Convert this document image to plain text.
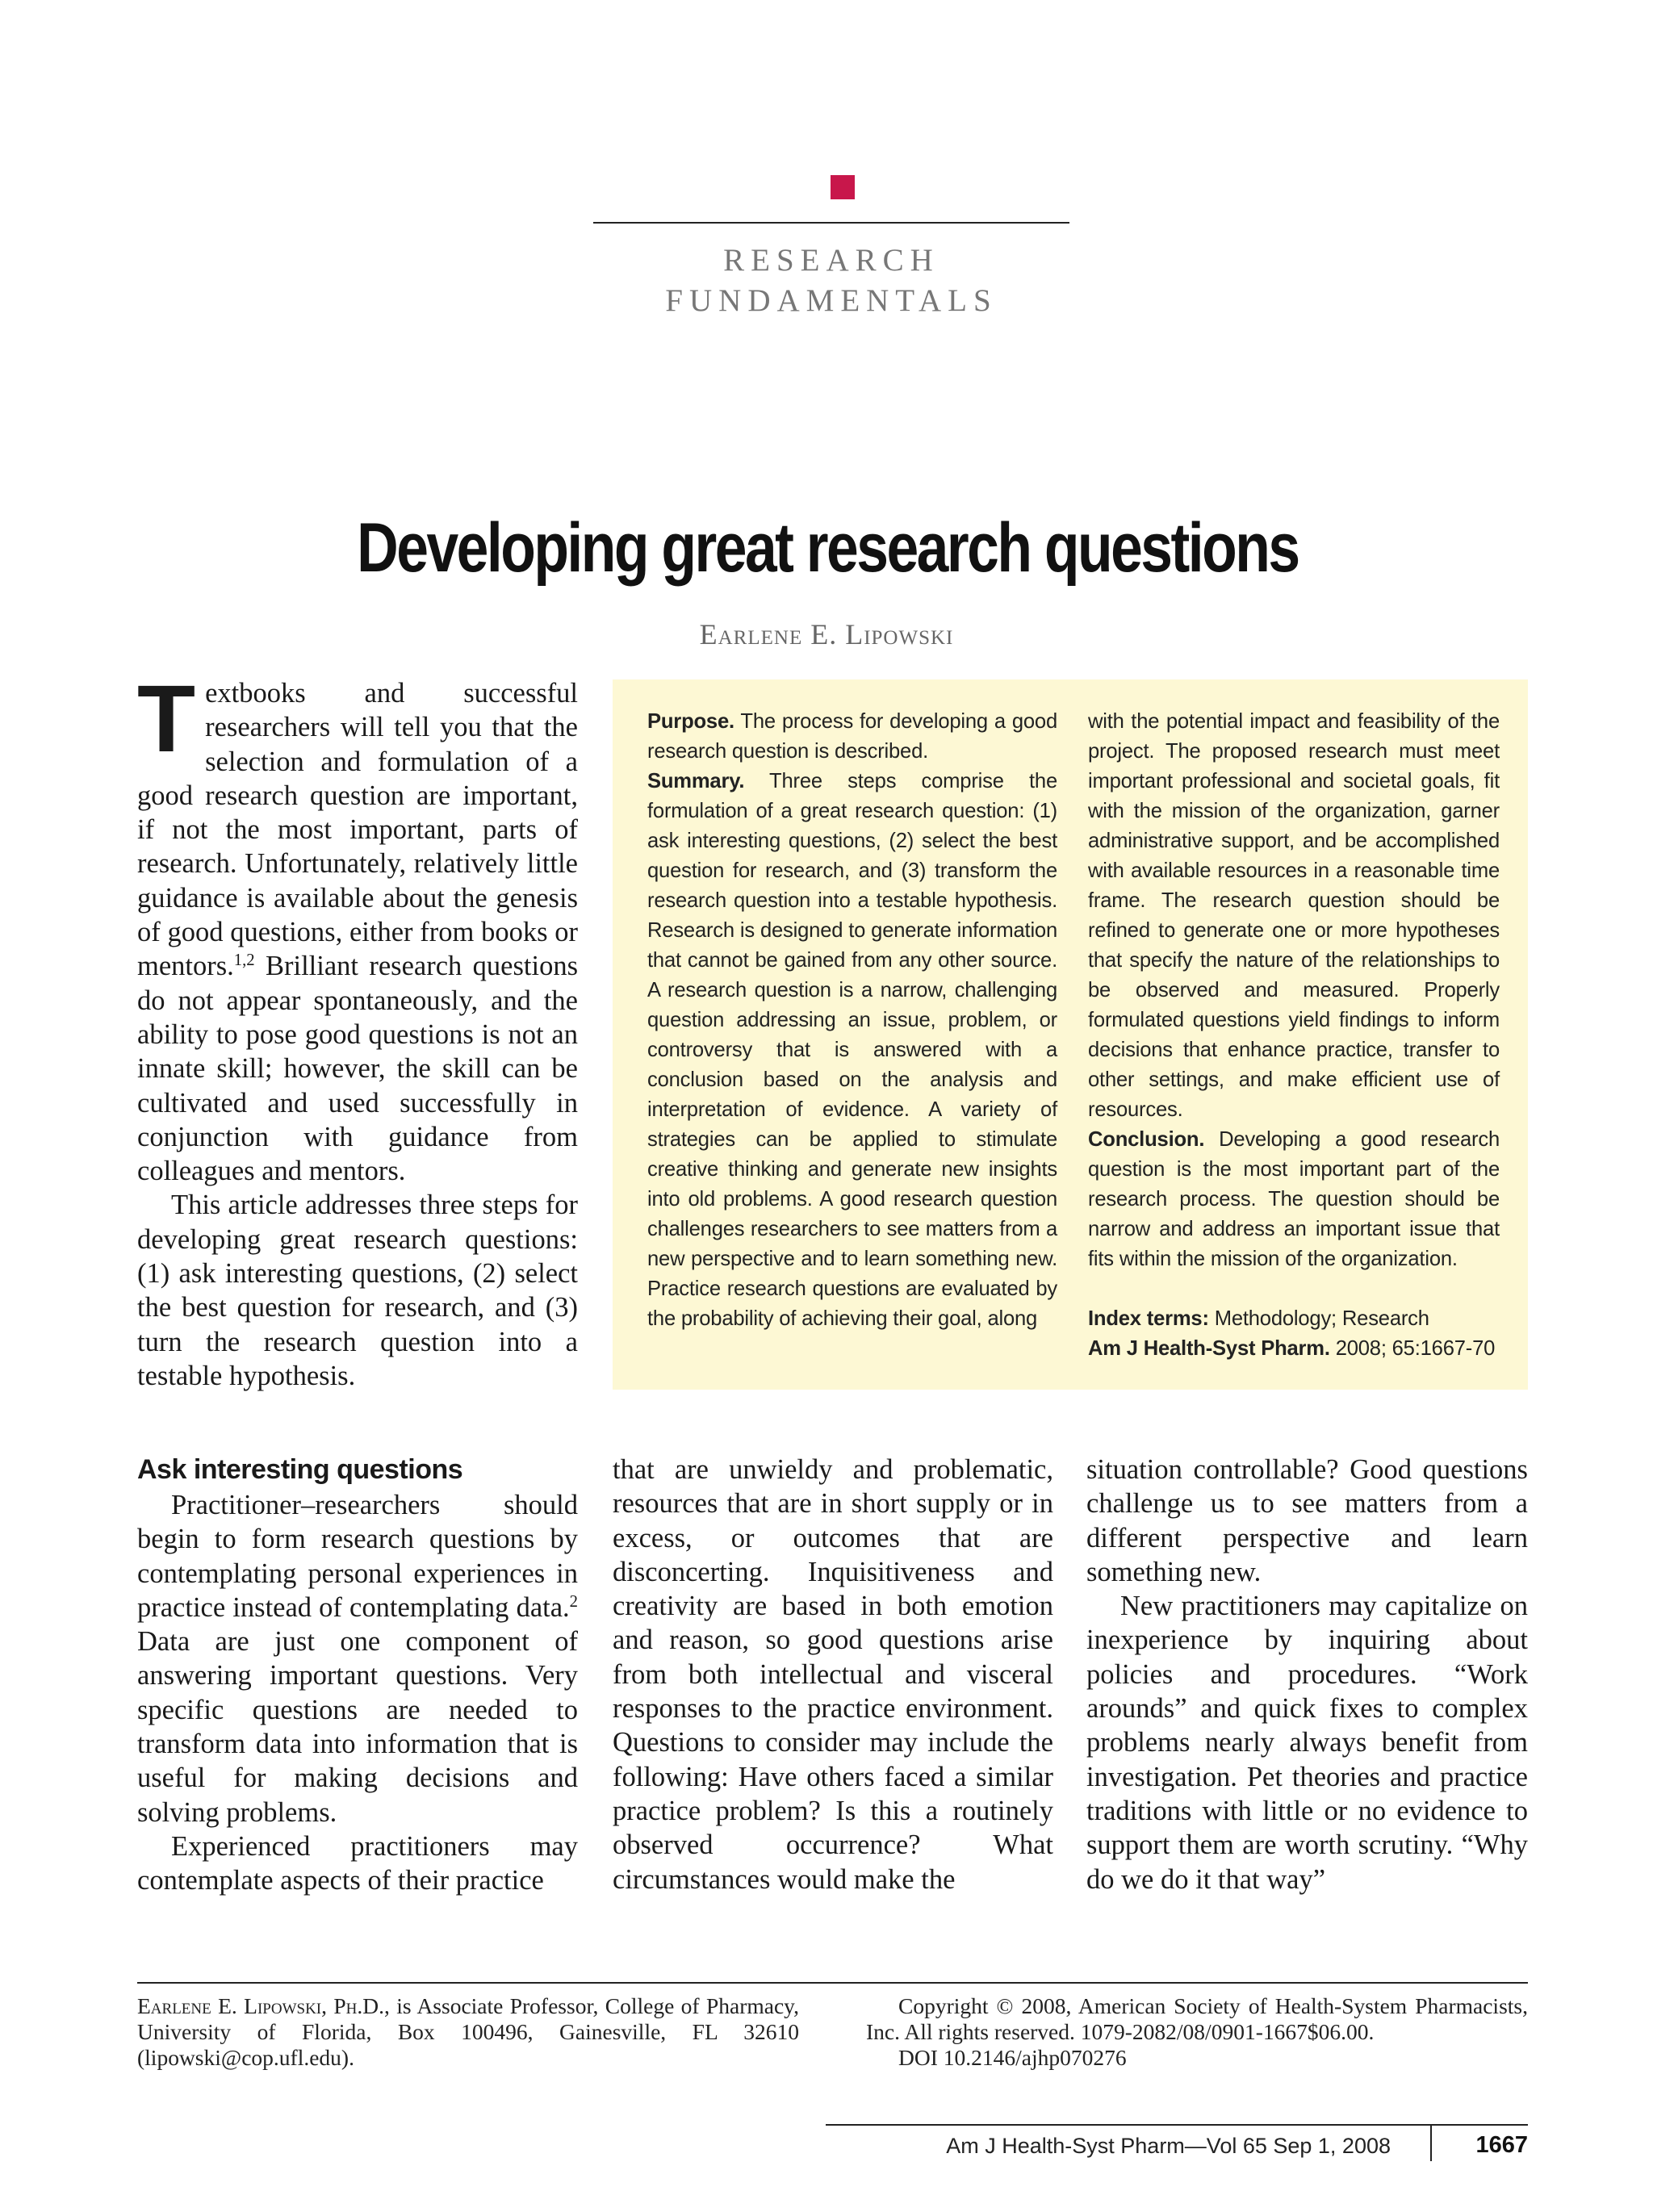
RESEARCH
FUNDAMENTALS
Developing great research questions
Earlene E. Lipowski

Textbooks and successful researchers will tell you that the selection and formulation of a good research question are important, if not the most important, parts of research. Unfortunately, relatively little guidance is available about the genesis of good questions, either from books or mentors.$^{1,2}$ Brilliant research questions do not appear spontaneously, and the ability to pose good questions is not an innate skill; however, the skill can be cultivated and used successfully in conjunction with guidance from colleagues and mentors.

This article addresses three steps for developing great research questions: (1) ask interesting questions, (2) select the best question for research, and (3) turn the research question into a testable hypothesis.

Purpose. The process for developing a good research question is described.

Summary. Three steps comprise the formulation of a great research question: (1) ask interesting questions, (2) select the best question for research, and (3) transform the research question into a testable hypothesis. Research is designed to generate information that cannot be gained from any other source. A research question is a narrow, challenging question addressing an issue, problem, or controversy that is answered with a conclusion based on the analysis and interpretation of evidence. A variety of strategies can be applied to stimulate creative thinking and generate new insights into old problems. A good research question challenges researchers to see matters from a new perspective and to learn something new. Practice research questions are evaluated by the probability of achieving their goal, along

with the potential impact and feasibility of the project. The proposed research must meet important professional and societal goals, fit with the mission of the organization, garner administrative support, and be accomplished with available resources in a reasonable time frame. The research question should be refined to generate one or more hypotheses that specify the nature of the relationships to be observed and measured. Properly formulated questions yield findings to inform decisions that enhance practice, transfer to other settings, and make efficient use of resources.

Conclusion. Developing a good research question is the most important part of the research process. The question should be narrow and address an important issue that fits within the mission of the organization.

Index terms: Methodology; Research

Am J Health-Syst Pharm. 2008; 65:1667-70

Ask interesting questions

Practitioner–researchers should begin to form research questions by contemplating personal experiences in practice instead of contemplating data.$^2$ Data are just one component of answering important questions. Very specific questions are needed to transform data into information that is useful for making decisions and solving problems.

Experienced practitioners may contemplate aspects of their practice

that are unwieldy and problematic, resources that are in short supply or in excess, or outcomes that are disconcerting. Inquisitiveness and creativity are based in both emotion and reason, so good questions arise from both intellectual and visceral responses to the practice environment. Questions to consider may include the following: Have others faced a similar practice problem? Is this a routinely observed occurrence? What circumstances would make the

situation controllable? Good questions challenge us to see matters from a different perspective and learn something new.

New practitioners may capitalize on inexperience by inquiring about policies and procedures. “Work arounds” and quick fixes to complex problems nearly always benefit from investigation. Pet theories and practice traditions with little or no evidence to support them are worth scrutiny. “Why do we do it that way”

Earlene E. Lipowski, Ph.D., is Associate Professor, College of Pharmacy, University of Florida, Box 100496, Gainesville, FL 32610 (lipowski@cop.ufl.edu).
Copyright © 2008, American Society of Health-System Pharmacists, Inc. All rights reserved. 1079-2082/08/0901-1667$06.00.
DOI 10.2146/ajhp070276
Am J Health-Syst Pharm—Vol 65 Sep 1, 2008	1667
